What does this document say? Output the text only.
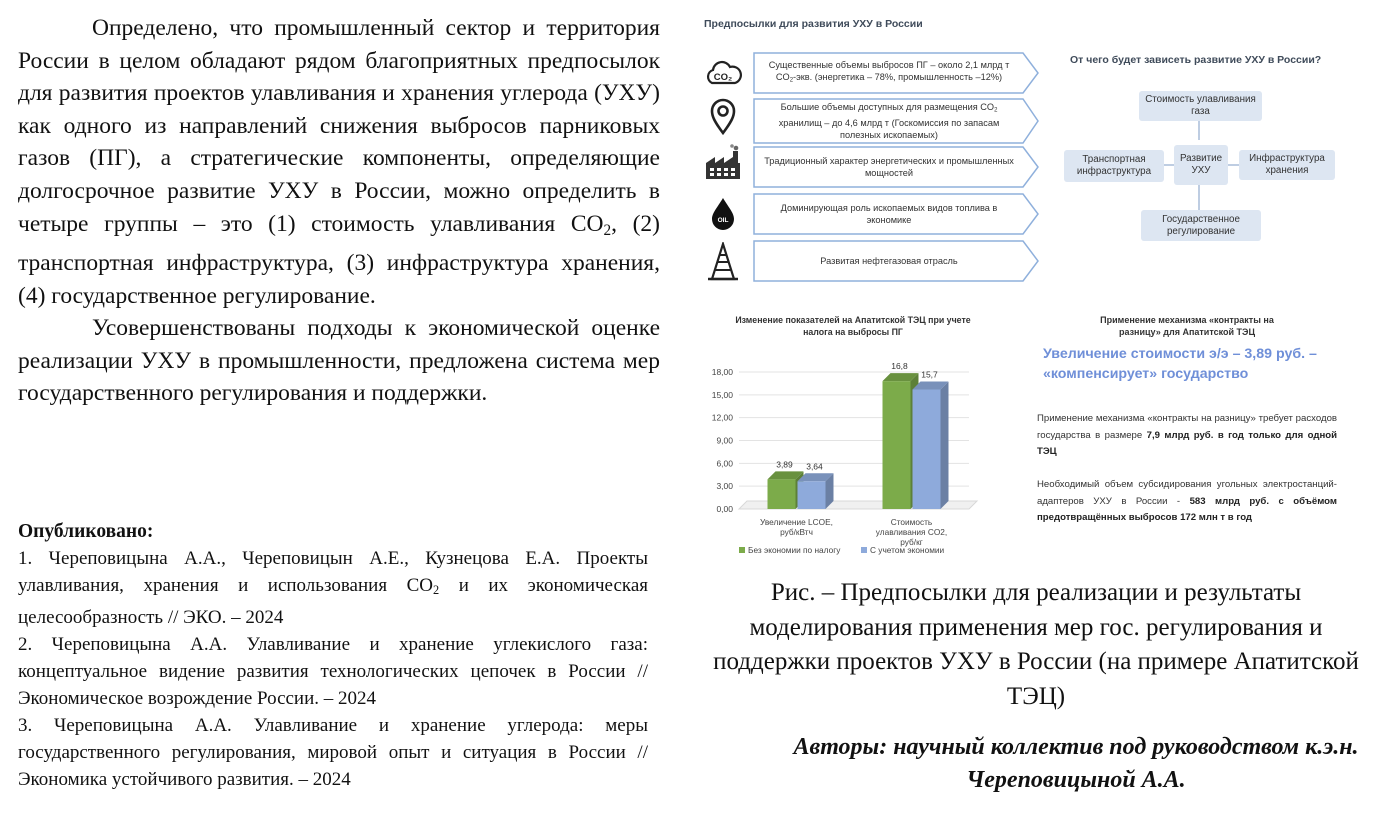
Определено, что промышленный сектор и территория России в целом обладают рядом благоприятных предпосылок для развития проектов улавливания и хранения углерода (УХУ) как одного из направлений снижения выбросов парниковых газов (ПГ), а стратегические компоненты, определяющие долгосрочное развитие УХУ в России, можно определить в четыре группы – это (1) стоимость улавливания $CO_2$, (2) транспортная инфраструктура, (3) инфраструктура хранения, (4) государственное регулирование.

Усовершенствованы подходы к экономической оценке реализации УХУ в промышленности, предложена система мер государственного регулирования и поддержки.

Опубликовано:

1. Череповицына А.А., Череповицын А.Е., Кузнецова Е.А. Проекты улавливания, хранения и использования $CO_2$ и их экономическая целесообразность // ЭКО. – 2024

2. Череповицына А.А. Улавливание и хранение углекислого газа: концептуальное видение развития технологических цепочек в России // Экономическое возрождение России. – 2024

3. Череповицына А.А. Улавливание и хранение углерода: меры государственного регулирования, мировой опыт и ситуация в России // Экономика устойчивого развития. – 2024

Предпосылки для развития УХУ в России
Существенные объемы выбросов ПГ – около 2,1 млрд т $CO_2$-экв. (энергетика – 78%, промышленность –12%)
Большие объемы доступных для размещения $CO_2$ хранилищ – до 4,6 млрд т (Госкомиссия по запасам полезных ископаемых)
Традиционный характер энергетических и промышленных мощностей
Доминирующая роль ископаемых видов топлива в экономике
Развитая нефтегазовая отрасль
CO₂
OIL
От чего будет зависеть развитие УХУ в России?
Стоимость улавливания газа
Транспортная инфраструктура
Развитие УХУ
Инфраструктура хранения
Государственное регулирование
Изменение показателей на Апатитской ТЭЦ при учете налога на выбросы ПГ
0,00
3,00
6,00
9,00
12,00
15,00
18,00
3,89 3,64
Увеличение LCOE,
руб/кВтч
16,8
15,7
Стоимость
улавливания CO2,
руб/кг
Без экономии по налогу	С учетом экономии
Применение механизма «контракты на разницу» для Апатитской ТЭЦ
Увеличение стоимости э/э – 3,89 руб. – «компенсирует» государство

Применение механизма «контракты на разницу» требует расходов государства в размере 7,9 млрд руб. в год только для одной ТЭЦ

Необходимый объем субсидирования угольных электростанций-адаптеров УХУ в России - 583 млрд руб. с объёмом предотвращённых выбросов 172 млн т в год

Рис. – Предпосылки для реализации и результаты моделирования применения мер гос. регулирования и поддержки проектов УХУ в России (на примере Апатитской ТЭЦ)
Авторы: научный коллектив под руководством к.э.н. Череповицыной А.А.
